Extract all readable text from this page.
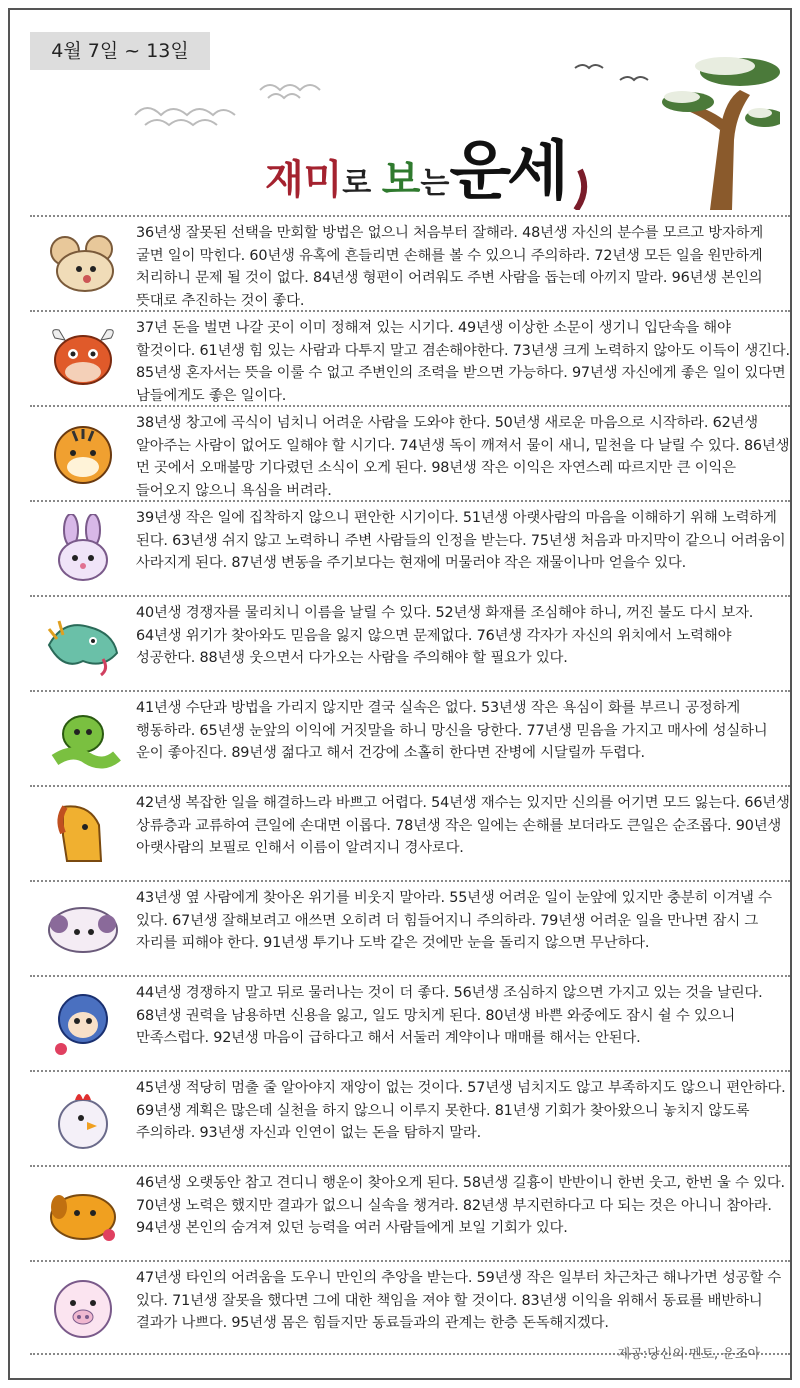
4월 7일 ~ 13일
재미로 보는운세
36년생 잘못된 선택을 만회할 방법은 없으니 처음부터 잘해라. 48년생 자신의 분수를 모르고 방자하게 굴면 일이 막힌다. 60년생 유혹에 흔들리면 손해를 볼 수 있으니 주의하라. 72년생 모든 일을 원만하게 처리하니 문제 될 것이 없다. 84년생 형편이 어려워도 주변 사람을 돕는데 아끼지 말라. 96년생 본인의 뜻대로 추진하는 것이 좋다.
37년 돈을 벌면 나갈 곳이 이미 정해져 있는 시기다. 49년생 이상한 소문이 생기니 입단속을 해야 할것이다. 61년생 힘 있는 사람과 다투지 말고 겸손해야한다. 73년생 크게 노력하지 않아도 이득이 생긴다. 85년생 혼자서는 뜻을 이룰 수 없고 주변인의 조력을 받으면 가능하다. 97년생 자신에게 좋은 일이 있다면 남들에게도 좋은 일이다.
38년생 창고에 곡식이 넘치니 어려운 사람을 도와야 한다. 50년생 새로운 마음으로 시작하라. 62년생 알아주는 사람이 없어도 일해야 할 시기다. 74년생 독이 깨져서 물이 새니, 밑천을 다 날릴 수 있다. 86년생 먼 곳에서 오매불망 기다렸던 소식이 오게 된다. 98년생 작은 이익은 자연스레 따르지만 큰 이익은 들어오지 않으니 욕심을 버려라.
39년생 작은 일에 집착하지 않으니 편안한 시기이다. 51년생 아랫사람의 마음을 이해하기 위해 노력하게 된다. 63년생 쉬지 않고 노력하니 주변 사람들의 인정을 받는다. 75년생 처음과 마지막이 같으니 어려움이 사라지게 된다. 87년생 변동을 주기보다는 현재에 머물러야 작은 재물이나마 얻을수 있다.
40년생 경쟁자를 물리치니 이름을 날릴 수 있다. 52년생 화재를 조심해야 하니, 꺼진 불도 다시 보자. 64년생 위기가 찾아와도 믿음을 잃지 않으면 문제없다. 76년생 각자가 자신의 위치에서 노력해야 성공한다. 88년생 웃으면서 다가오는 사람을 주의해야 할 필요가 있다.
41년생 수단과 방법을 가리지 않지만 결국 실속은 없다. 53년생 작은 욕심이 화를 부르니 공정하게 행동하라. 65년생 눈앞의 이익에 거짓말을 하니 망신을 당한다. 77년생 믿음을 가지고 매사에 성실하니 운이 좋아진다. 89년생 젊다고 해서 건강에 소홀히 한다면 잔병에 시달릴까 두렵다.
42년생 복잡한 일을 해결하느라 바쁘고 어렵다. 54년생 재수는 있지만 신의를 어기면 모드 잃는다. 66년생 상류층과 교류하여 큰일에 손대면 이롭다. 78년생 작은 일에는 손해를 보더라도 큰일은 순조롭다. 90년생 아랫사람의 보필로 인해서 이름이 알려지니 경사로다.
43년생 옆 사람에게 찾아온 위기를 비웃지 말아라. 55년생 어려운 일이 눈앞에 있지만 충분히 이겨낼 수 있다. 67년생 잘해보려고 애쓰면 오히려 더 힘들어지니 주의하라. 79년생 어려운 일을 만나면 잠시 그 자리를 피해야 한다. 91년생 투기나 도박 같은 것에만 눈을 돌리지 않으면 무난하다.
44년생 경쟁하지 말고 뒤로 물러나는 것이 더 좋다. 56년생 조심하지 않으면 가지고 있는 것을 날린다. 68년생 권력을 남용하면 신용을 잃고, 일도 망치게 된다. 80년생 바쁜 와중에도 잠시 쉴 수 있으니 만족스럽다. 92년생 마음이 급하다고 해서 서둘러 계약이나 매매를 해서는 안된다.
45년생 적당히 멈출 줄 알아야지 재앙이 없는 것이다. 57년생 넘치지도 않고 부족하지도 않으니 편안하다. 69년생 계획은 많은데 실천을 하지 않으니 이루지 못한다. 81년생 기회가 찾아왔으니 놓치지 않도록 주의하라. 93년생 자신과 인연이 없는 돈을 탐하지 말라.
46년생 오랫동안 참고 견디니 행운이 찾아오게 된다. 58년생 길흉이 반반이니 한번 웃고, 한번 울 수 있다. 70년생 노력은 했지만 결과가 없으니 실속을 챙겨라. 82년생 부지런하다고 다 되는 것은 아니니 참아라. 94년생 본인의 숨겨져 있던 능력을 여러 사람들에게 보일 기회가 있다.
47년생 타인의 어려움을 도우니 만인의 추앙을 받는다. 59년생 작은 일부터 차근차근 해나가면 성공할 수 있다. 71년생 잘못을 했다면 그에 대한 책임을 져야 할 것이다. 83년생 이익을 위해서 동료를 배반하니 결과가 나쁘다. 95년생 몸은 힘들지만 동료들과의 관계는 한층 돈독해지겠다.
제공:당신의 멘토, 운조아
